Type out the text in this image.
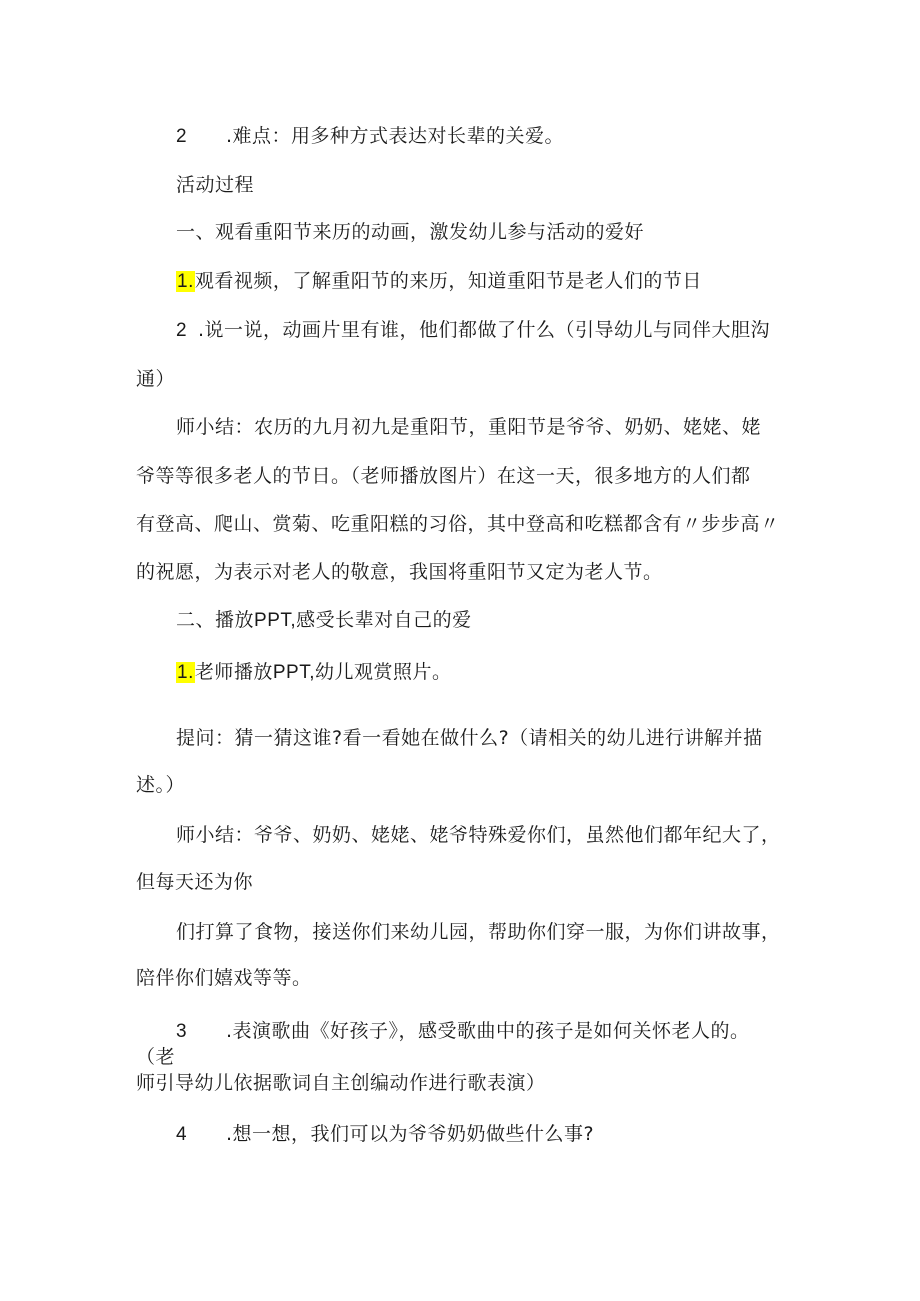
2 .难点：用多种方式表达对长辈的关爱。
活动过程
一、观看重阳节来历的动画，激发幼儿参与活动的爱好
1.观看视频，了解重阳节的来历，知道重阳节是老人们的节日
2 .说一说，动画片里有谁，他们都做了什么（引导幼儿与同伴大胆沟
通）
师小结：农历的九月初九是重阳节，重阳节是爷爷、奶奶、姥姥、姥
爷等等很多老人的节日。（老师播放图片）在这一天，很多地方的人们都
有登高、爬山、赏菊、吃重阳糕的习俗，其中登高和吃糕都含有〃步步高〃
的祝愿，为表示对老人的敬意，我国将重阳节又定为老人节。
二、播放PPT,感受长辈对自己的爱
1.老师播放PPT,幼儿观赏照片。
提问：猜一猜这谁?看一看她在做什么?（请相关的幼儿进行讲解并描
述。）
师小结：爷爷、奶奶、姥姥、姥爷特殊爱你们，虽然他们都年纪大了，
但每天还为你
们打算了食物，接送你们来幼儿园，帮助你们穿一服，为你们讲故事，
陪伴你们嬉戏等等。
3 .表演歌曲《好孩子》，感受歌曲中的孩子是如何关怀老人的。
（老
师引导幼儿依据歌词自主创编动作进行歌表演）
4 .想一想，我们可以为爷爷奶奶做些什么事?
